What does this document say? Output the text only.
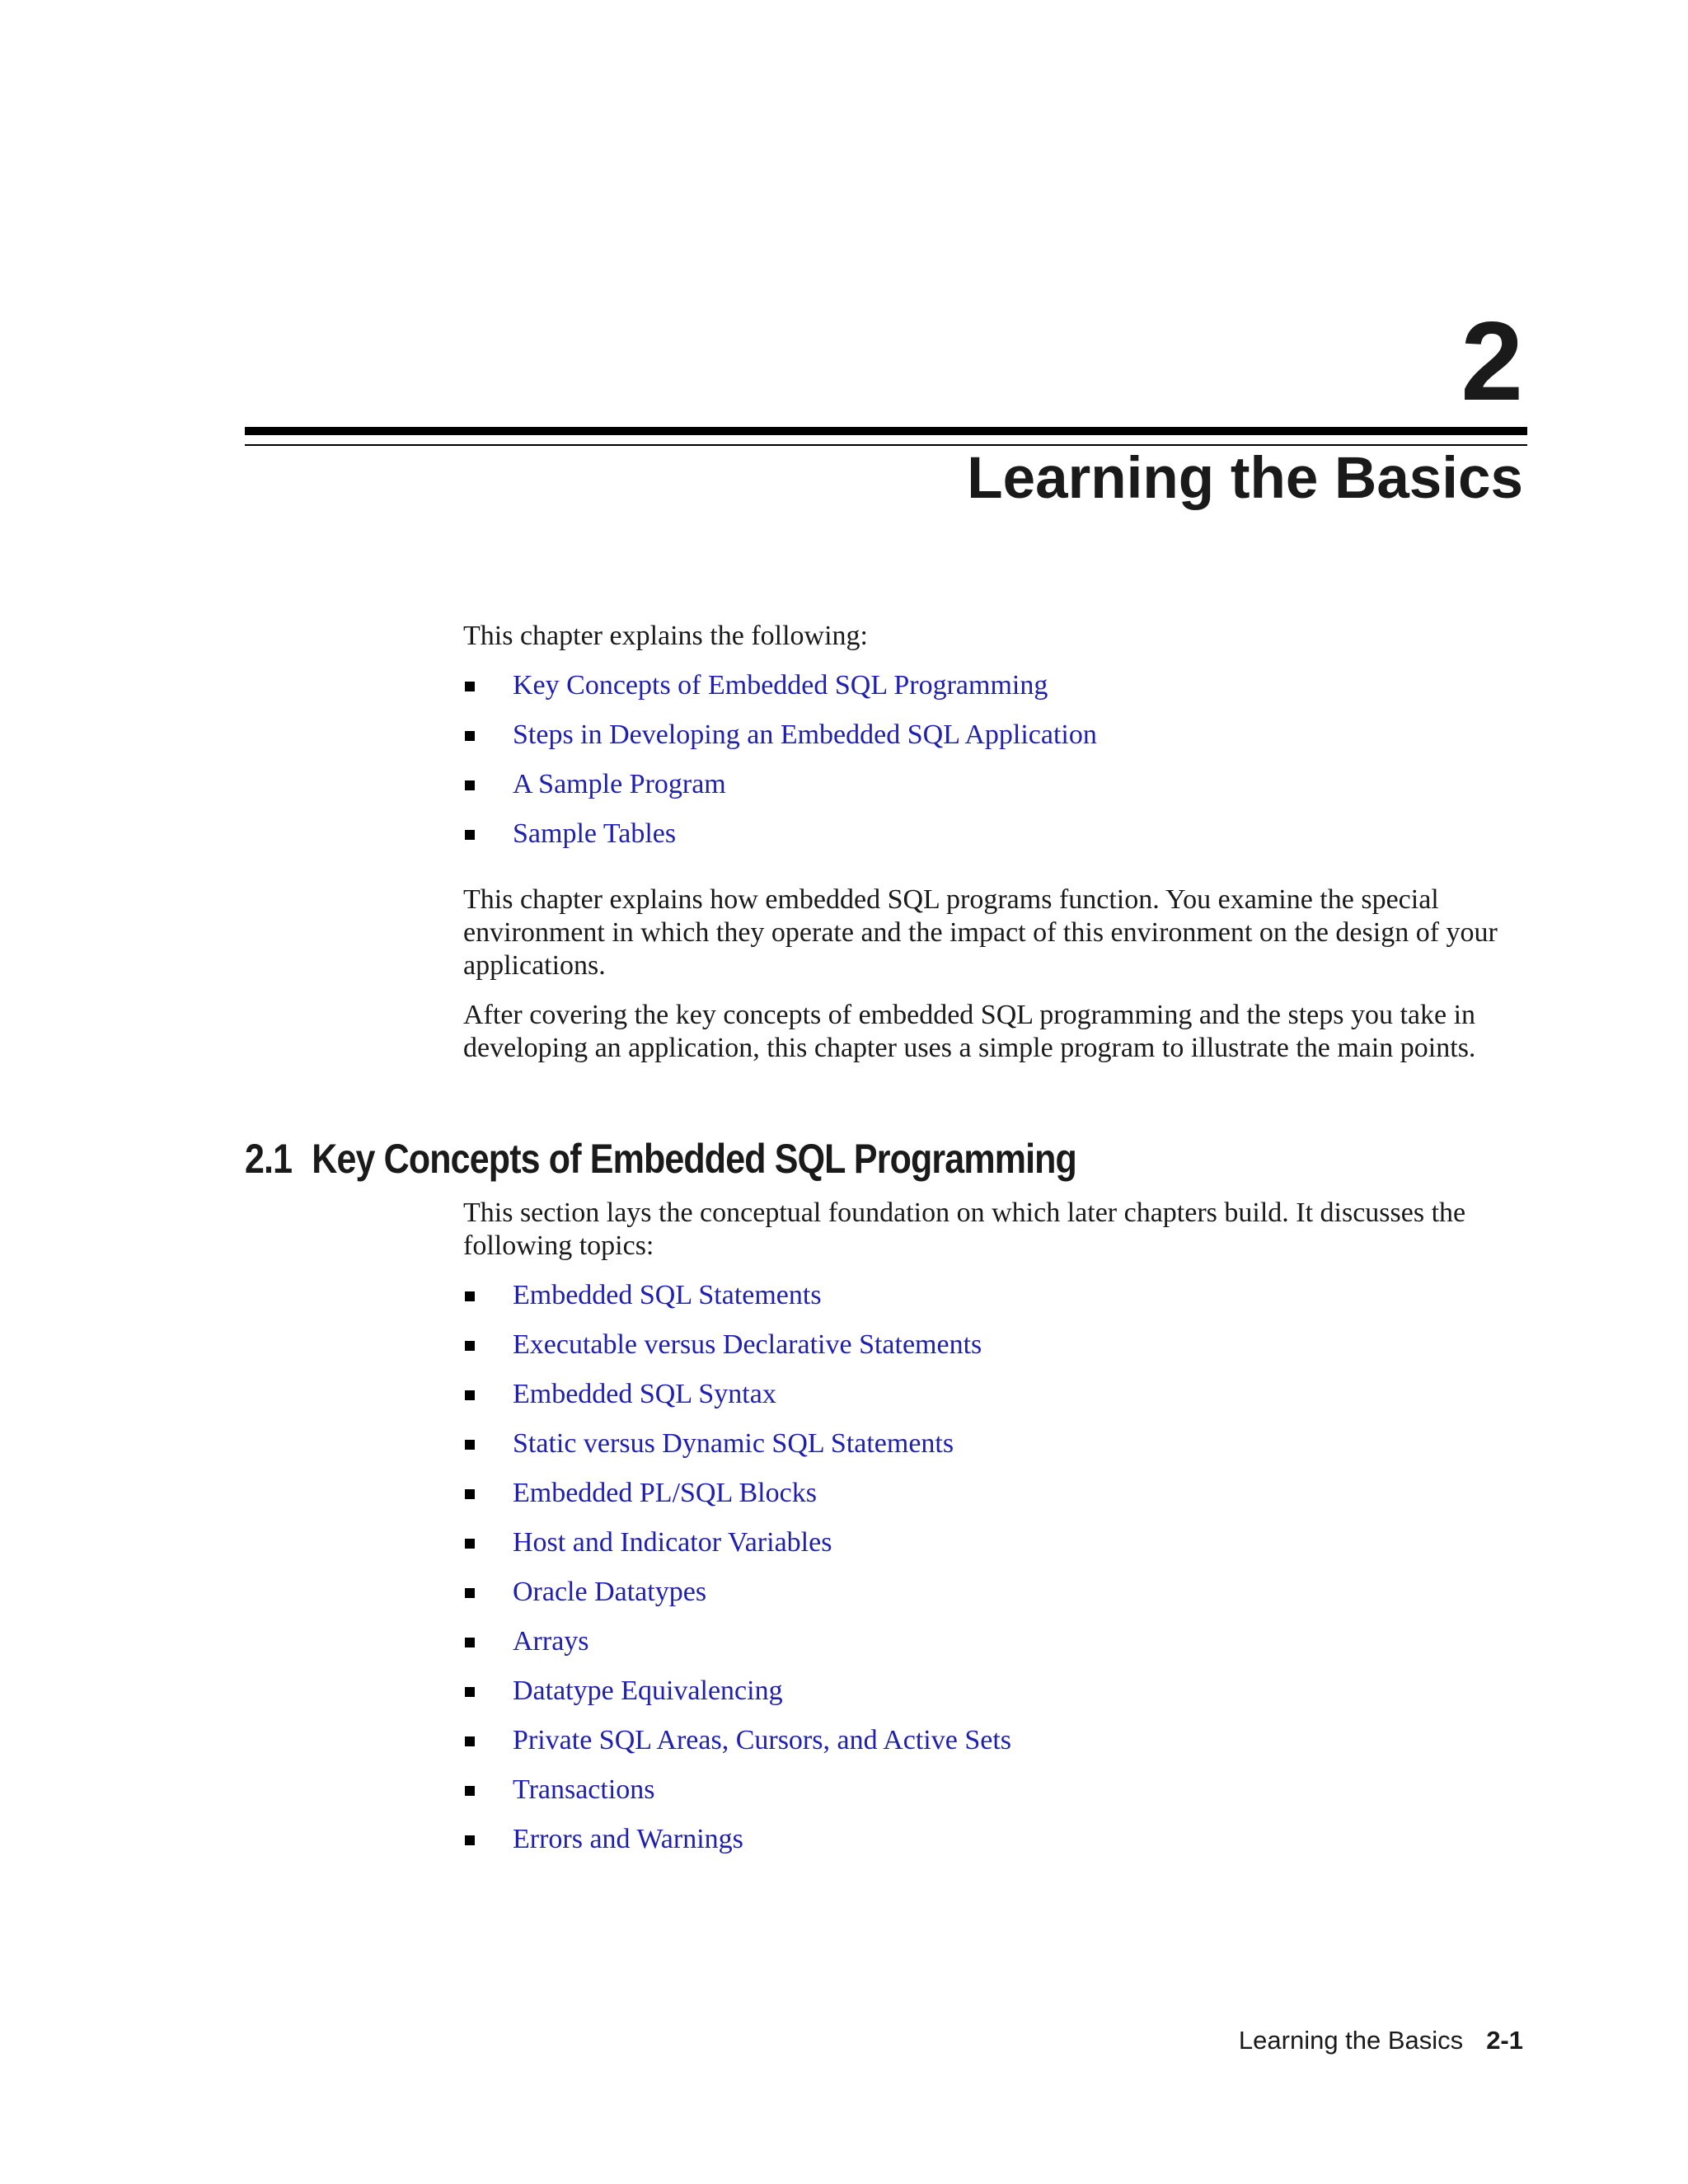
2
Learning the Basics

This chapter explains the following:

Key Concepts of Embedded SQL Programming
Steps in Developing an Embedded SQL Application
A Sample Program
Sample Tables

This chapter explains how embedded SQL programs function. You examine the special environment in which they operate and the impact of this environment on the design of your applications.

After covering the key concepts of embedded SQL programming and the steps you take in developing an application, this chapter uses a simple program to illustrate the main points.

2.1 Key Concepts of Embedded SQL Programming

This section lays the conceptual foundation on which later chapters build. It discusses the following topics:

Embedded SQL Statements
Executable versus Declarative Statements
Embedded SQL Syntax
Static versus Dynamic SQL Statements
Embedded PL/SQL Blocks
Host and Indicator Variables
Oracle Datatypes
Arrays
Datatype Equivalencing
Private SQL Areas, Cursors, and Active Sets
Transactions
Errors and Warnings
Learning the Basics 2-1
